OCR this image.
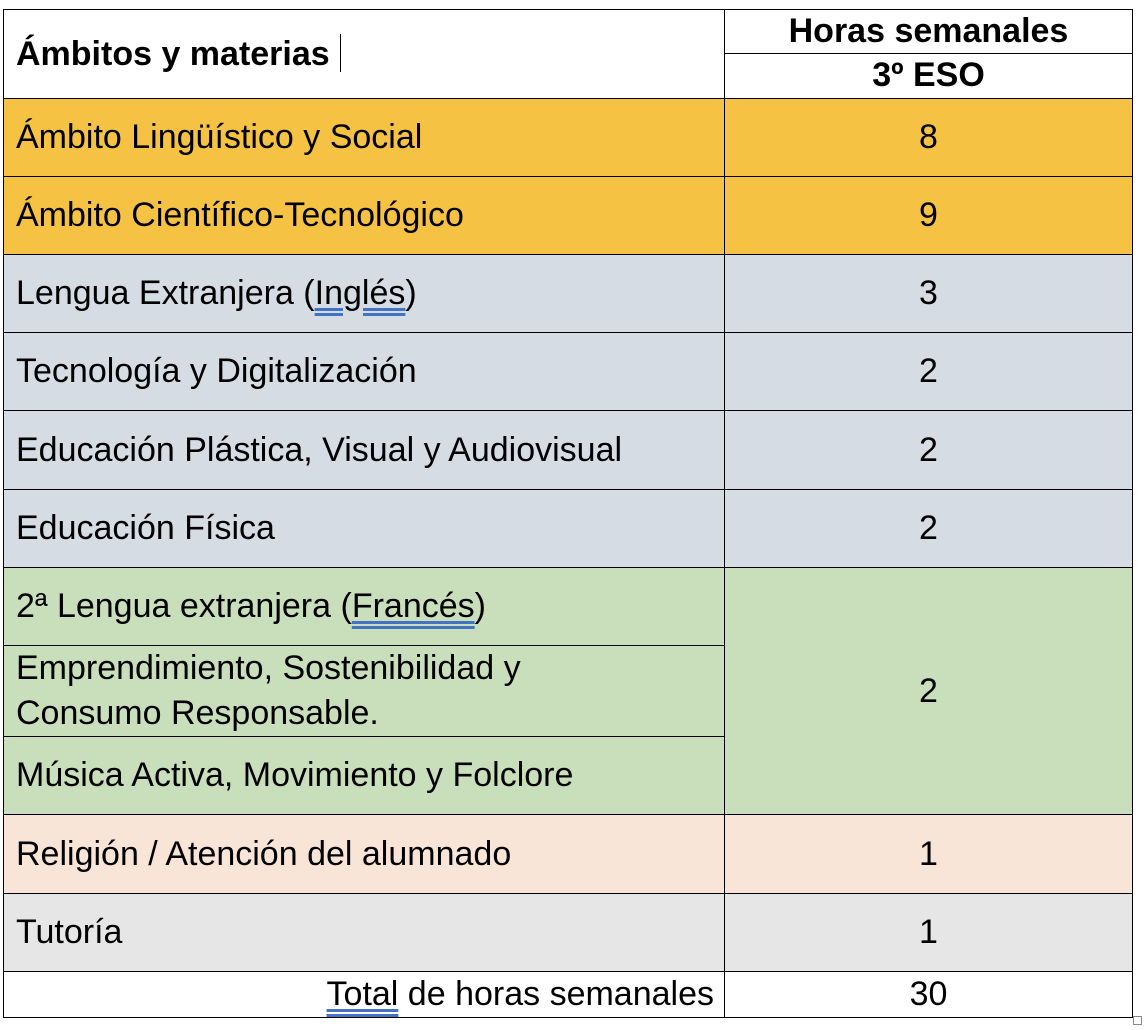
Ámbitos y materias	Horas semanales
	3º ESO
Ámbito Lingüístico y Social	8
Ámbito Científico-Tecnológico	9
Lengua Extranjera (Inglés)	3
Tecnología y Digitalización	2
Educación Plástica, Visual y Audiovisual	2
Educación Física	2
2ª Lengua extranjera (Francés)	2
Emprendimiento, Sostenibilidad y
Consumo Responsable.	
Música Activa, Movimiento y Folclore	
Religión / Atención del alumnado	1
Tutoría	1
Total de horas semanales	30
